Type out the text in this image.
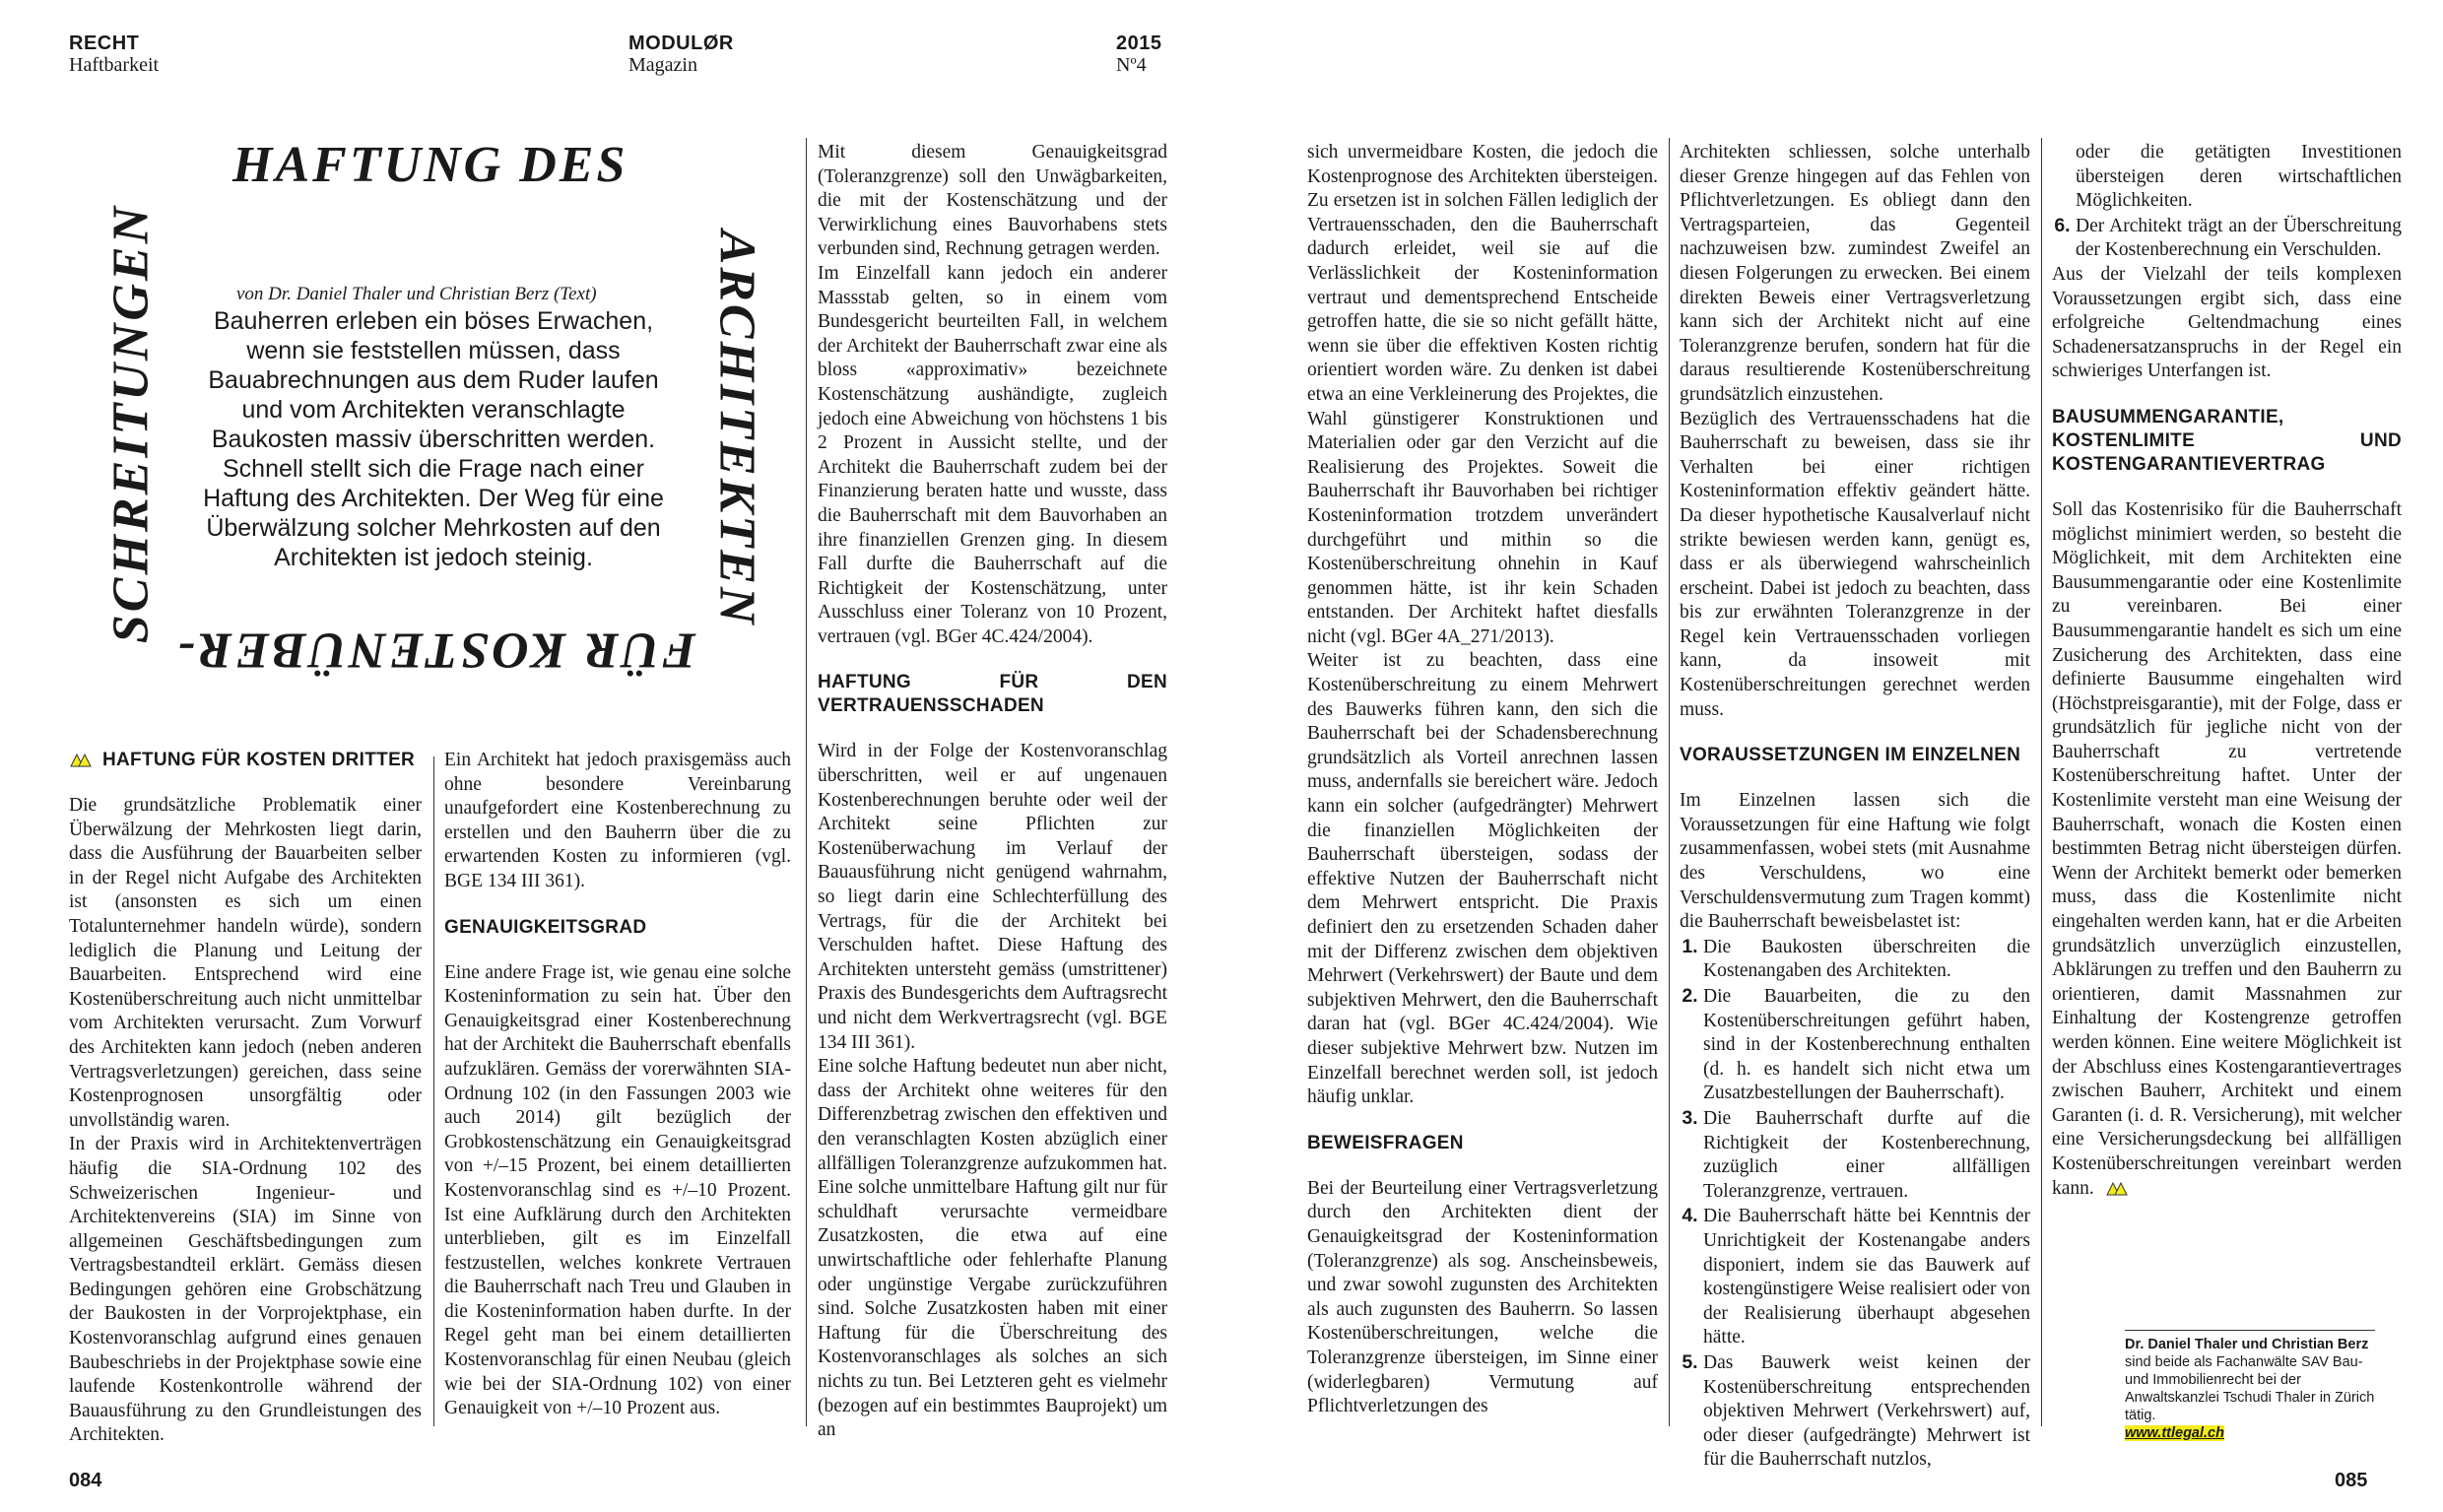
RECHT
Haftbarkeit
MODULØR
Magazin
2015
Nº4
HAFTUNG DES
SCHREITUNGEN	ARCHITEKTEN
FÜR KOSTENÜBER-
von Dr. Daniel Thaler und Christian Berz (Text)
Bauherren erleben ein böses Erwachen, wenn sie feststellen müssen, dass Bauabrechnungen aus dem Ruder laufen und vom Architekten veranschlagte Baukosten massiv überschritten werden. Schnell stellt sich die Frage nach einer Haftung des Architekten. Der Weg für eine Überwälzung solcher Mehrkosten auf den Architekten ist jedoch steinig.
HAFTUNG FÜR KOSTEN DRITTER

Die grundsätzliche Problematik einer Überwälzung der Mehrkosten liegt darin, dass die Ausführung der Bauarbeiten selber in der Regel nicht Aufgabe des Architekten ist (ansonsten es sich um einen Totalunternehmer handeln würde), sondern lediglich die Planung und Leitung der Bauarbeiten. Entsprechend wird eine Kostenüberschreitung auch nicht unmittelbar vom Architekten verursacht. Zum Vorwurf des Architekten kann jedoch (neben anderen Vertragsverletzungen) gereichen, dass seine Kostenprognosen unsorgfältig oder unvollständig waren.

In der Praxis wird in Architektenverträgen häufig die SIA-Ordnung 102 des Schweizerischen Ingenieur- und Architektenvereins (SIA) im Sinne von allgemeinen Geschäftsbedingungen zum Vertragsbestandteil erklärt. Gemäss diesen Bedingungen gehören eine Grobschätzung der Baukosten in der Vorprojektphase, ein Kostenvoranschlag aufgrund eines genauen Baubeschriebs in der Projektphase sowie eine laufende Kostenkontrolle während der Bauausführung zu den Grundleistungen des Architekten.

Ein Architekt hat jedoch praxisgemäss auch ohne besondere Vereinbarung unaufgefordert eine Kostenberechnung zu erstellen und den Bauherrn über die zu erwartenden Kosten zu informieren (vgl. BGE 134 III 361).

GENAUIGKEITSGRAD

Eine andere Frage ist, wie genau eine solche Kosteninformation zu sein hat. Über den Genauigkeitsgrad einer Kostenberechnung hat der Architekt die Bauherrschaft ebenfalls aufzuklären. Gemäss der vorerwähnten SIA-Ordnung 102 (in den Fassungen 2003 wie auch 2014) gilt bezüglich der Grobkostenschätzung ein Genauigkeitsgrad von +/–15 Prozent, bei einem detaillierten Kostenvoranschlag sind es +/–10 Prozent. Ist eine Aufklärung durch den Architekten unterblieben, gilt es im Einzelfall festzustellen, welches konkrete Vertrauen die Bauherrschaft nach Treu und Glauben in die Kosteninformation haben durfte. In der Regel geht man bei einem detaillierten Kostenvoranschlag für einen Neubau (gleich wie bei der SIA-Ordnung 102) von einer Genauigkeit von +/–10 Prozent aus.

Mit diesem Genauigkeitsgrad (Toleranzgrenze) soll den Unwägbarkeiten, die mit der Kostenschätzung und der Verwirklichung eines Bauvorhabens stets verbunden sind, Rechnung getragen werden.

Im Einzelfall kann jedoch ein anderer Massstab gelten, so in einem vom Bundesgericht beurteilten Fall, in welchem der Architekt der Bauherrschaft zwar eine als bloss «approximativ» bezeichnete Kostenschätzung aushändigte, zugleich jedoch eine Abweichung von höchstens 1 bis 2 Prozent in Aussicht stellte, und der Architekt die Bauherrschaft zudem bei der Finanzierung beraten hatte und wusste, dass die Bauherrschaft mit dem Bauvorhaben an ihre finanziellen Grenzen ging. In diesem Fall durfte die Bauherrschaft auf die Richtigkeit der Kostenschätzung, unter Ausschluss einer Toleranz von 10 Prozent, vertrauen (vgl. BGer 4C.424/2004).

HAFTUNG FÜR DEN VERTRAUENSSCHADEN

Wird in der Folge der Kostenvoranschlag überschritten, weil er auf ungenauen Kostenberechnungen beruhte oder weil der Architekt seine Pflichten zur Kostenüberwachung im Verlauf der Bauausführung nicht genügend wahrnahm, so liegt darin eine Schlechterfüllung des Vertrags, für die der Architekt bei Verschulden haftet. Diese Haftung des Architekten untersteht gemäss (umstrittener) Praxis des Bundesgerichts dem Auftragsrecht und nicht dem Werkvertragsrecht (vgl. BGE 134 III 361).

Eine solche Haftung bedeutet nun aber nicht, dass der Architekt ohne weiteres für den Differenzbetrag zwischen den effektiven und den veranschlagten Kosten abzüglich einer allfälligen Toleranzgrenze aufzukommen hat. Eine solche unmittelbare Haftung gilt nur für schuldhaft verursachte vermeidbare Zusatzkosten, die etwa auf eine unwirtschaftliche oder fehlerhafte Planung oder ungünstige Vergabe zurückzuführen sind. Solche Zusatzkosten haben mit einer Haftung für die Überschreitung des Kostenvoranschlages als solches an sich nichts zu tun. Bei Letzteren geht es vielmehr (bezogen auf ein bestimmtes Bauprojekt) um an

084

sich unvermeidbare Kosten, die jedoch die Kostenprognose des Architekten übersteigen. Zu ersetzen ist in solchen Fällen lediglich der Vertrauensschaden, den die Bauherrschaft dadurch erleidet, weil sie auf die Verlässlichkeit der Kosteninformation vertraut und dementsprechend Entscheide getroffen hatte, die sie so nicht gefällt hätte, wenn sie über die effektiven Kosten richtig orientiert worden wäre. Zu denken ist dabei etwa an eine Verkleinerung des Projektes, die Wahl günstigerer Konstruktionen und Materialien oder gar den Verzicht auf die Realisierung des Projektes. Soweit die Bauherrschaft ihr Bauvorhaben bei richtiger Kosteninformation trotzdem unverändert durchgeführt und mithin so die Kostenüberschreitung ohnehin in Kauf genommen hätte, ist ihr kein Schaden entstanden. Der Architekt haftet diesfalls nicht (vgl. BGer 4A_271/2013).

Weiter ist zu beachten, dass eine Kostenüberschreitung zu einem Mehrwert des Bauwerks führen kann, den sich die Bauherrschaft bei der Schadensberechnung grundsätzlich als Vorteil anrechnen lassen muss, andernfalls sie bereichert wäre. Jedoch kann ein solcher (aufgedrängter) Mehrwert die finanziellen Möglichkeiten der Bauherrschaft übersteigen, sodass der effektive Nutzen der Bauherrschaft nicht dem Mehrwert entspricht. Die Praxis definiert den zu ersetzenden Schaden daher mit der Differenz zwischen dem objektiven Mehrwert (Verkehrswert) der Baute und dem subjektiven Mehrwert, den die Bauherrschaft daran hat (vgl. BGer 4C.424/2004). Wie dieser subjektive Mehrwert bzw. Nutzen im Einzelfall berechnet werden soll, ist jedoch häufig unklar.

BEWEISFRAGEN

Bei der Beurteilung einer Vertragsverletzung durch den Architekten dient der Genauigkeitsgrad der Kosteninformation (Toleranzgrenze) als sog. Anscheinsbeweis, und zwar sowohl zugunsten des Architekten als auch zugunsten des Bauherrn. So lassen Kostenüberschreitungen, welche die Toleranzgrenze übersteigen, im Sinne einer (widerlegbaren) Vermutung auf Pflichtverletzungen des

Architekten schliessen, solche unterhalb dieser Grenze hingegen auf das Fehlen von Pflichtverletzungen. Es obliegt dann den Vertragsparteien, das Gegenteil nachzuweisen bzw. zumindest Zweifel an diesen Folgerungen zu erwecken. Bei einem direkten Beweis einer Vertragsverletzung kann sich der Architekt nicht auf eine Toleranzgrenze berufen, sondern hat für die daraus resultierende Kostenüberschreitung grundsätzlich einzustehen.

Bezüglich des Vertrauensschadens hat die Bauherrschaft zu beweisen, dass sie ihr Verhalten bei einer richtigen Kosteninformation effektiv geändert hätte. Da dieser hypothetische Kausalverlauf nicht strikte bewiesen werden kann, genügt es, dass er als überwiegend wahrscheinlich erscheint. Dabei ist jedoch zu beachten, dass bis zur erwähnten Toleranzgrenze in der Regel kein Vertrauensschaden vorliegen kann, da insoweit mit Kostenüberschreitungen gerechnet werden muss.

VORAUSSETZUNGEN IM EINZELNEN

Im Einzelnen lassen sich die Voraussetzungen für eine Haftung wie folgt zusammenfassen, wobei stets (mit Ausnahme des Verschuldens, wo eine Verschuldensvermutung zum Tragen kommt) die Bauherrschaft beweisbelastet ist:

1. Die Baukosten überschreiten die Kostenangaben des Architekten.
2. Die Bauarbeiten, die zu den Kostenüberschreitungen geführt haben, sind in der Kostenberechnung enthalten (d. h. es handelt sich nicht etwa um Zusatzbestellungen der Bauherrschaft).
3. Die Bauherrschaft durfte auf die Richtigkeit der Kostenberechnung, zuzüglich einer allfälligen Toleranzgrenze, vertrauen.
4. Die Bauherrschaft hätte bei Kenntnis der Unrichtigkeit der Kostenangabe anders disponiert, indem sie das Bauwerk auf kostengünstigere Weise realisiert oder von der Realisierung überhaupt abgesehen hätte.
5. Das Bauwerk weist keinen der Kostenüberschreitung entsprechenden objektiven Mehrwert (Verkehrswert) auf, oder dieser (aufgedrängte) Mehrwert ist für die Bauherrschaft nutzlos,

oder die getätigten Investitionen übersteigen deren wirtschaftlichen Möglichkeiten.

6. Der Architekt trägt an der Überschreitung der Kostenberechnung ein Verschulden.

Aus der Vielzahl der teils komplexen Voraussetzungen ergibt sich, dass eine erfolgreiche Geltendmachung eines Schadenersatzanspruchs in der Regel ein schwieriges Unterfangen ist.

BAUSUMMENGARANTIE, KOSTENLIMITE UND KOSTENGARANTIEVERTRAG

Soll das Kostenrisiko für die Bauherrschaft möglichst minimiert werden, so besteht die Möglichkeit, mit dem Architekten eine Bausummengarantie oder eine Kostenlimite zu vereinbaren. Bei einer Bausummengarantie handelt es sich um eine Zusicherung des Architekten, dass eine definierte Bausumme eingehalten wird (Höchstpreisgarantie), mit der Folge, dass er grundsätzlich für jegliche nicht von der Bauherrschaft zu vertretende Kostenüberschreitung haftet. Unter der Kostenlimite versteht man eine Weisung der Bauherrschaft, wonach die Kosten einen bestimmten Betrag nicht übersteigen dürfen. Wenn der Architekt bemerkt oder bemerken muss, dass die Kostenlimite nicht eingehalten werden kann, hat er die Arbeiten grundsätzlich unverzüglich einzustellen, Abklärungen zu treffen und den Bauherrn zu orientieren, damit Massnahmen zur Einhaltung der Kostengrenze getroffen werden können. Eine weitere Möglichkeit ist der Abschluss eines Kostengarantievertrages zwischen Bauherr, Architekt und einem Garanten (i. d. R. Versicherung), mit welcher eine Versicherungsdeckung bei allfälligen Kostenüberschreitungen vereinbart werden kann.

Dr. Daniel Thaler und Christian Berz
sind beide als Fachanwälte SAV Bau- und Immobilienrecht bei der Anwaltskanzlei Tschudi Thaler in Zürich tätig.
www.ttlegal.ch
085
